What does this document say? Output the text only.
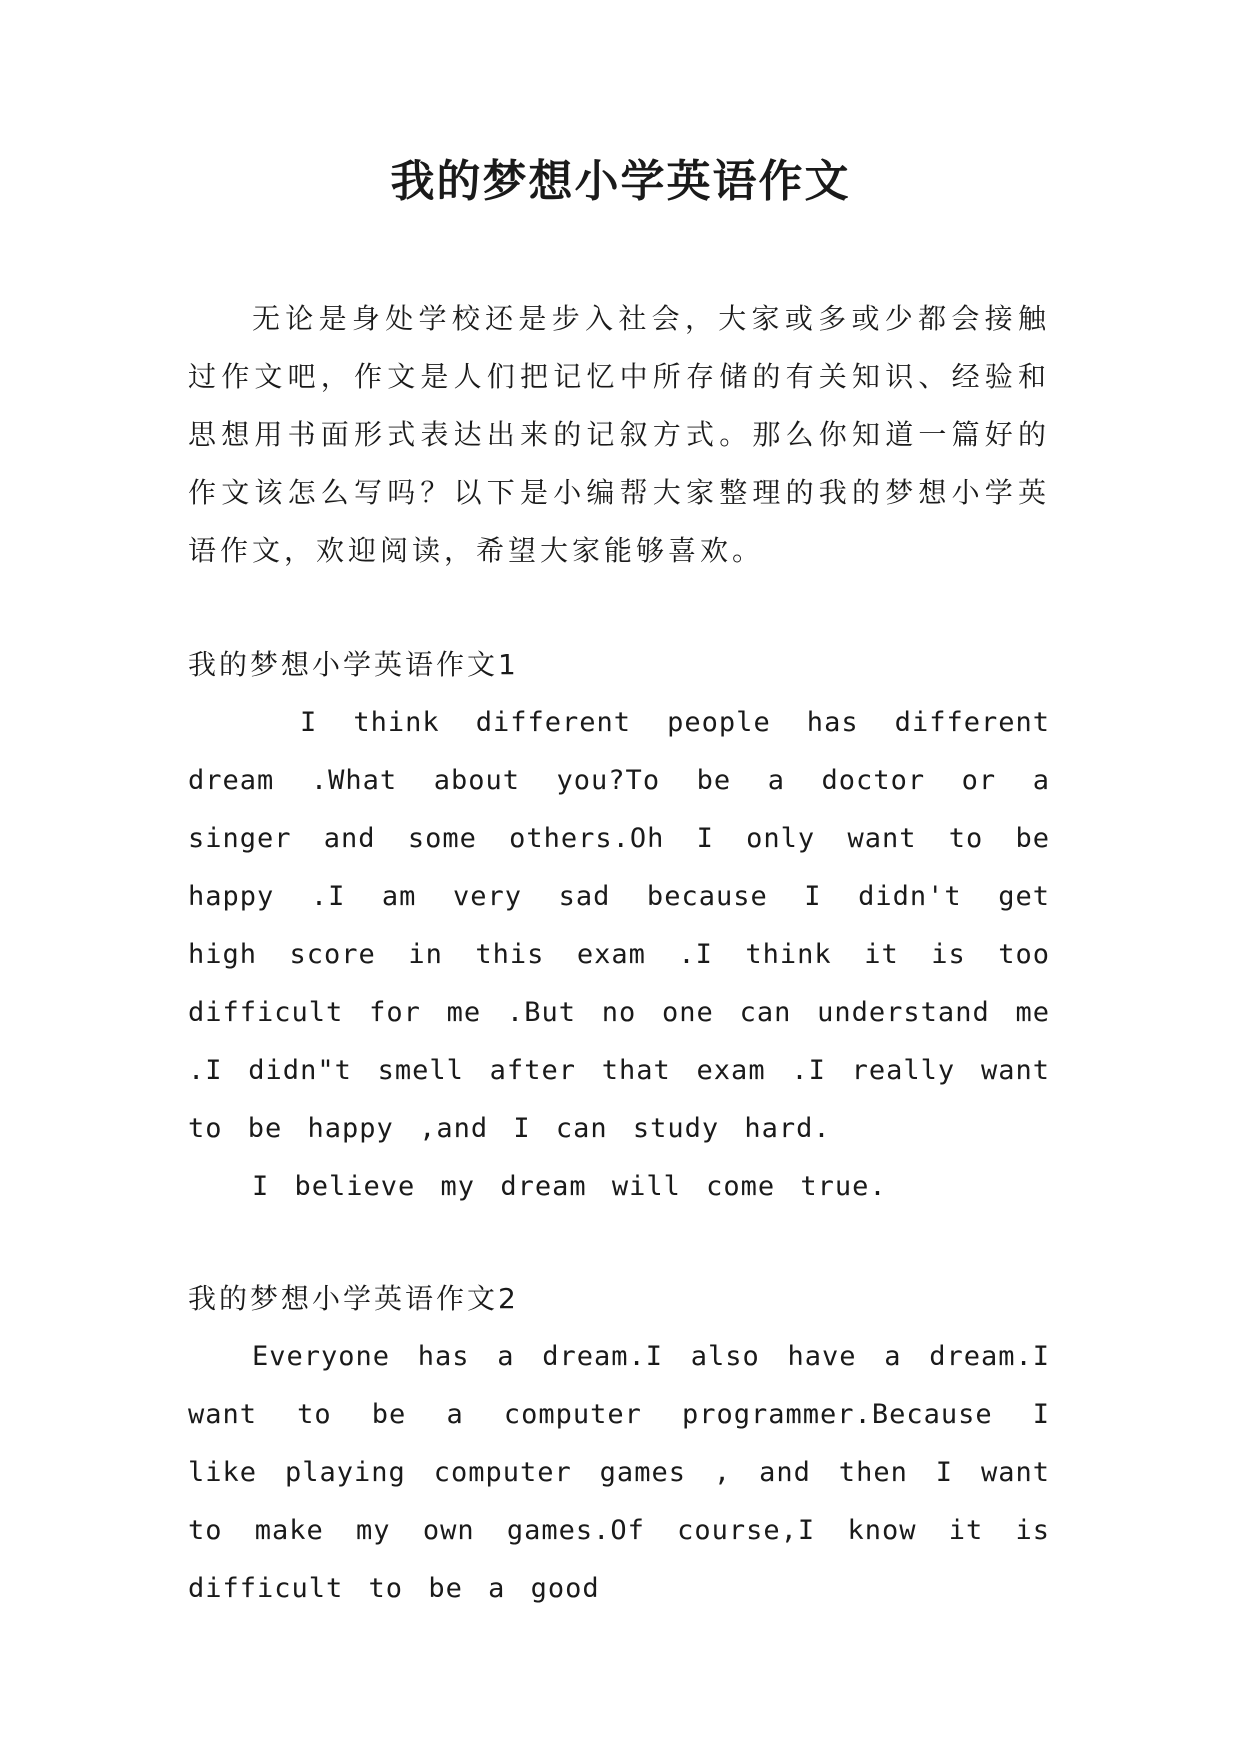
我的梦想小学英语作文

无论是身处学校还是步入社会，大家或多或少都会接触过作文吧，作文是人们把记忆中所存储的有关知识、经验和思想用书面形式表达出来的记叙方式。那么你知道一篇好的作文该怎么写吗？以下是小编帮大家整理的我的梦想小学英语作文，欢迎阅读，希望大家能够喜欢。

我的梦想小学英语作文1

I think different people has different dream .What about you?To be a doctor or a singer and some others.Oh I only want to be happy .I am very sad because I didn't get high score in this exam .I think it is too difficult for me .But no one can understand me .I didn"t smell after that exam .I really want to be happy ,and I can study hard.

I believe my dream will come true.

我的梦想小学英语作文2

Everyone has a dream.I also have a dream.I want to be a computer programmer.Because I like playing computer games , and then I want to make my own games.Of course,I know it is difficult to be a good
